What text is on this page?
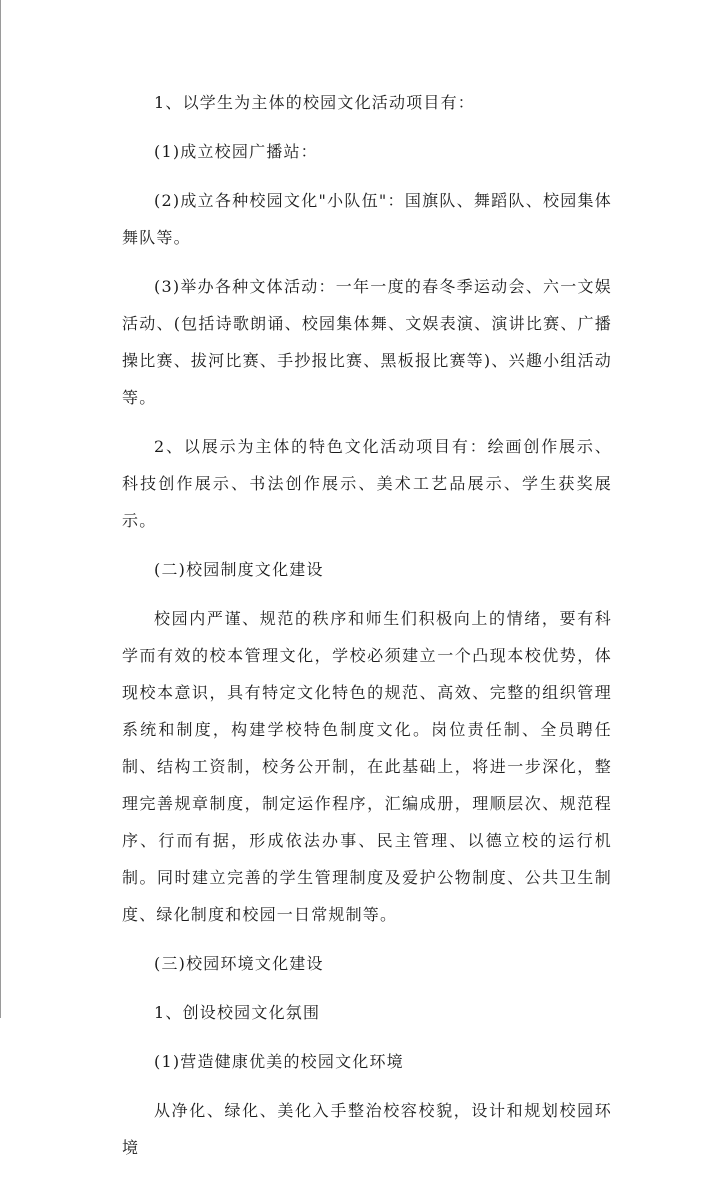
1、以学生为主体的校园文化活动项目有：

(1)成立校园广播站：

(2)成立各种校园文化"小队伍"：国旗队、舞蹈队、校园集体舞队等。

(3)举办各种文体活动：一年一度的春冬季运动会、六一文娱活动、(包括诗歌朗诵、校园集体舞、文娱表演、演讲比赛、广播操比赛、拔河比赛、手抄报比赛、黑板报比赛等)、兴趣小组活动等。

2、以展示为主体的特色文化活动项目有：绘画创作展示、科技创作展示、书法创作展示、美术工艺品展示、学生获奖展示。

(二)校园制度文化建设

校园内严谨、规范的秩序和师生们积极向上的情绪，要有科学而有效的校本管理文化，学校必须建立一个凸现本校优势，体现校本意识，具有特定文化特色的规范、高效、完整的组织管理系统和制度，构建学校特色制度文化。岗位责任制、全员聘任制、结构工资制，校务公开制，在此基础上，将进一步深化，整理完善规章制度，制定运作程序，汇编成册，理顺层次、规范程序、行而有据，形成依法办事、民主管理、以德立校的运行机制。同时建立完善的学生管理制度及爱护公物制度、公共卫生制度、绿化制度和校园一日常规制等。

(三)校园环境文化建设

1、创设校园文化氛围

(1)营造健康优美的校园文化环境

从净化、绿化、美化入手整治校容校貌，设计和规划校园环境
